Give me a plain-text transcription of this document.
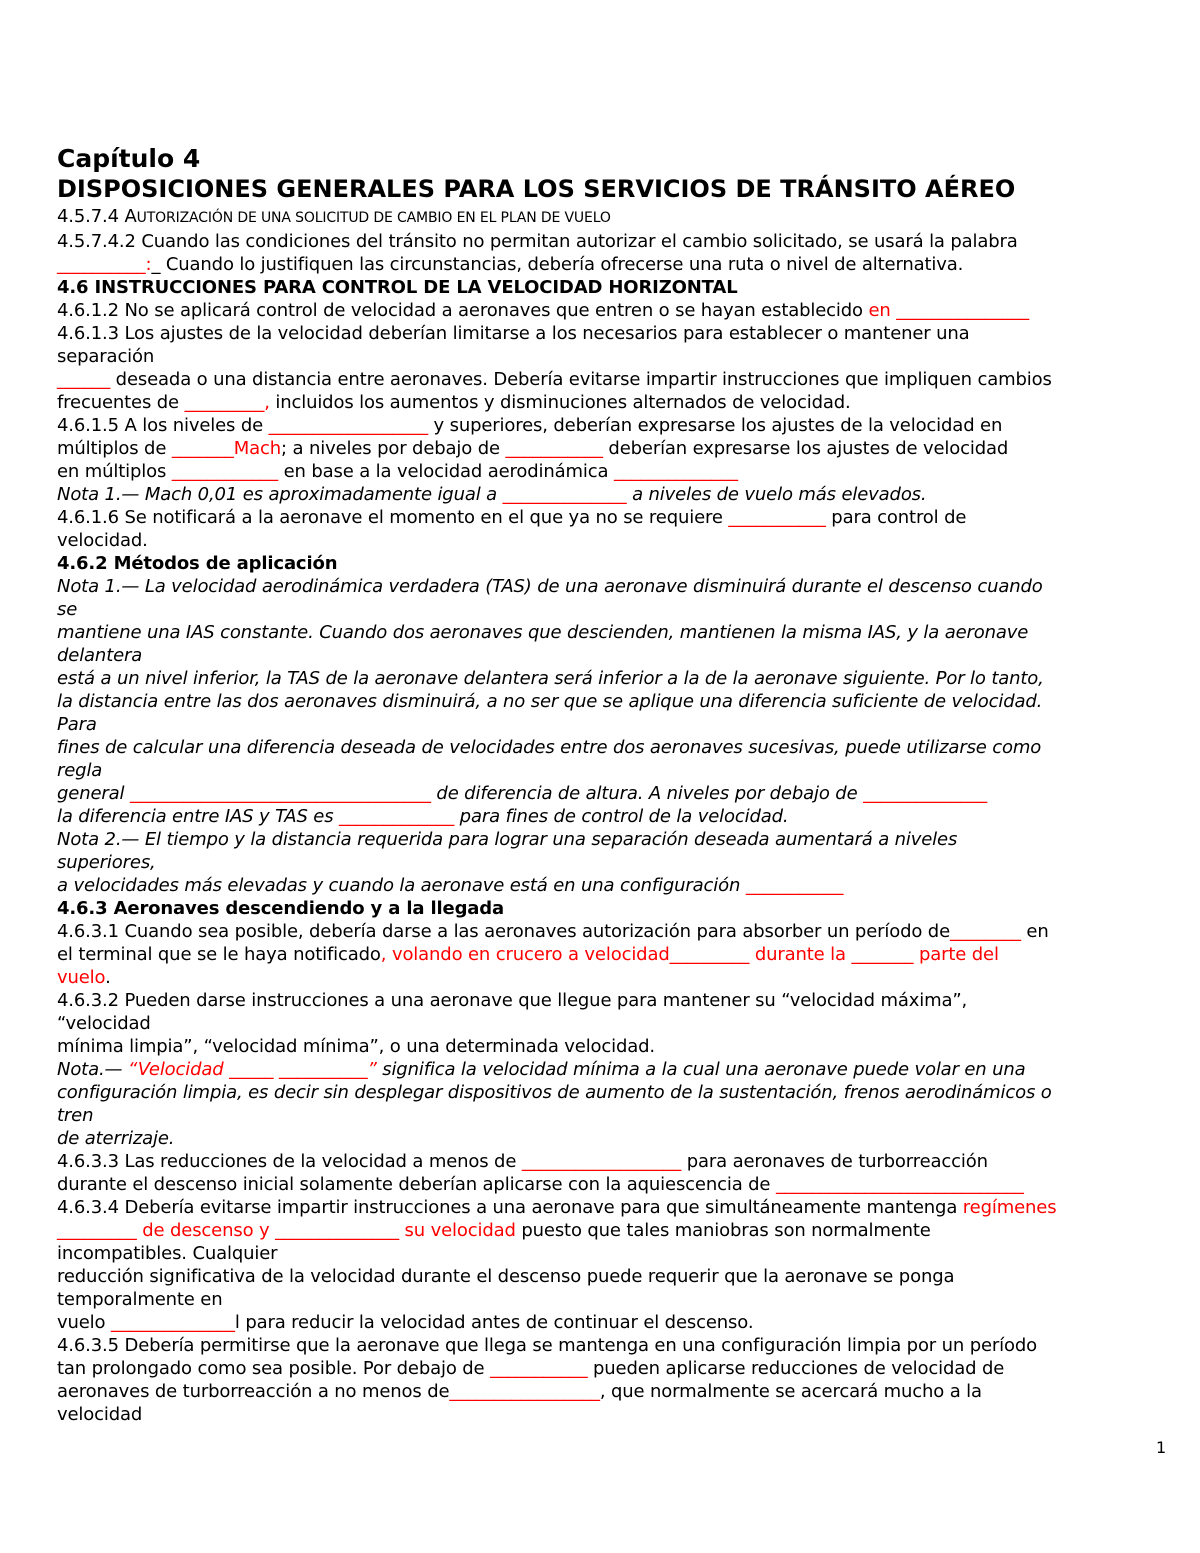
Capítulo 4
DISPOSICIONES GENERALES PARA LOS SERVICIOS DE TRÁNSITO AÉREO
4.5.7.4 AUTORIZACIÓN DE UNA SOLICITUD DE CAMBIO EN EL PLAN DE VUELO
4.5.7.4.2 Cuando las condiciones del tránsito no permitan autorizar el cambio solicitado, se usará la palabra
__________:_ Cuando lo justifiquen las circunstancias, debería ofrecerse una ruta o nivel de alternativa.
4.6 INSTRUCCIONES PARA CONTROL DE LA VELOCIDAD HORIZONTAL
4.6.1.2 No se aplicará control de velocidad a aeronaves que entren o se hayan establecido en _______________
4.6.1.3 Los ajustes de la velocidad deberían limitarse a los necesarios para establecer o mantener una
separación
______ deseada o una distancia entre aeronaves. Debería evitarse impartir instrucciones que impliquen cambios
frecuentes de _________, incluidos los aumentos y disminuciones alternados de velocidad.
4.6.1.5 A los niveles de __________________ y superiores, deberían expresarse los ajustes de la velocidad en
múltiplos de _______Mach; a niveles por debajo de ___________ deberían expresarse los ajustes de velocidad
en múltiplos ____________ en base a la velocidad aerodinámica ______________
Nota 1.— Mach 0,01 es aproximadamente igual a ______________ a niveles de vuelo más elevados.
4.6.1.6 Se notificará a la aeronave el momento en el que ya no se requiere ___________ para control de
velocidad.
4.6.2 Métodos de aplicación
Nota 1.— La velocidad aerodinámica verdadera (TAS) de una aeronave disminuirá durante el descenso cuando
se
mantiene una IAS constante. Cuando dos aeronaves que descienden, mantienen la misma IAS, y la aeronave
delantera
está a un nivel inferior, la TAS de la aeronave delantera será inferior a la de la aeronave siguiente. Por lo tanto,
la distancia entre las dos aeronaves disminuirá, a no ser que se aplique una diferencia suficiente de velocidad.
Para
fines de calcular una diferencia deseada de velocidades entre dos aeronaves sucesivas, puede utilizarse como
regla
general __________________________________ de diferencia de altura. A niveles por debajo de ______________
la diferencia entre IAS y TAS es _____________ para fines de control de la velocidad.
Nota 2.— El tiempo y la distancia requerida para lograr una separación deseada aumentará a niveles
superiores,
a velocidades más elevadas y cuando la aeronave está en una configuración ___________
4.6.3 Aeronaves descendiendo y a la llegada
4.6.3.1 Cuando sea posible, debería darse a las aeronaves autorización para absorber un período de________ en
el terminal que se le haya notificado, volando en crucero a velocidad_________ durante la _______ parte del
vuelo.
4.6.3.2 Pueden darse instrucciones a una aeronave que llegue para mantener su “velocidad máxima”,
“velocidad
mínima limpia”, “velocidad mínima”, o una determinada velocidad.
Nota.— “Velocidad _____ __________” significa la velocidad mínima a la cual una aeronave puede volar en una
configuración limpia, es decir sin desplegar dispositivos de aumento de la sustentación, frenos aerodinámicos o
tren
de aterrizaje.
4.6.3.3 Las reducciones de la velocidad a menos de __________________ para aeronaves de turborreacción
durante el descenso inicial solamente deberían aplicarse con la aquiescencia de ____________________________
4.6.3.4 Debería evitarse impartir instrucciones a una aeronave para que simultáneamente mantenga regímenes
_________ de descenso y ______________ su velocidad puesto que tales maniobras son normalmente
incompatibles. Cualquier
reducción significativa de la velocidad durante el descenso puede requerir que la aeronave se ponga
temporalmente en
vuelo ______________l para reducir la velocidad antes de continuar el descenso.
4.6.3.5 Debería permitirse que la aeronave que llega se mantenga en una configuración limpia por un período
tan prolongado como sea posible. Por debajo de ___________ pueden aplicarse reducciones de velocidad de
aeronaves de turborreacción a no menos de_________________, que normalmente se acercará mucho a la
velocidad
1
